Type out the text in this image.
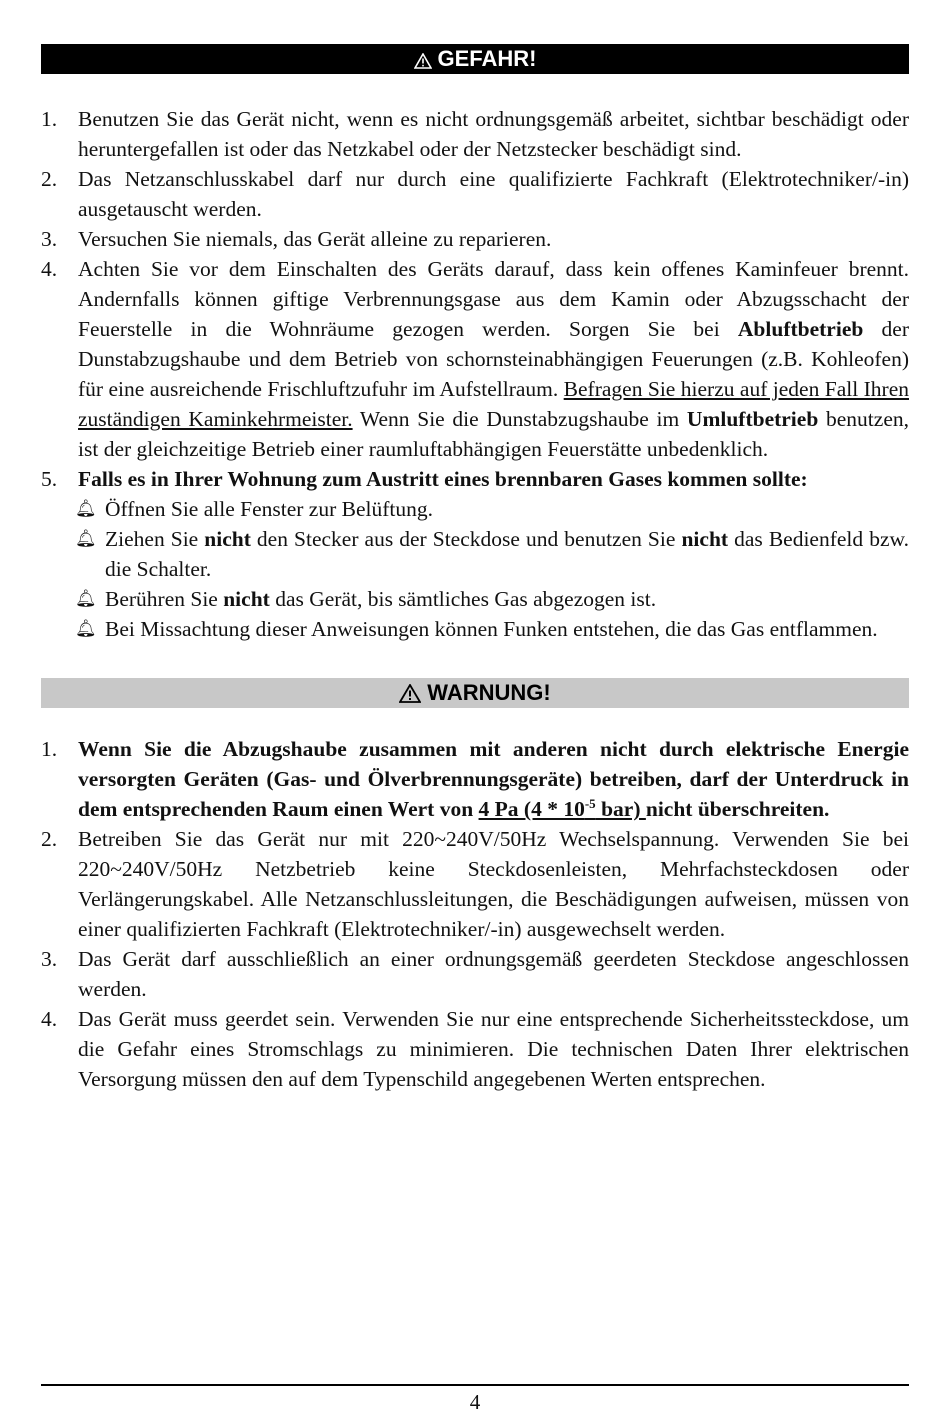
GEFAHR!
1. Benutzen Sie das Gerät nicht, wenn es nicht ordnungsgemäß arbeitet, sichtbar beschädigt oder heruntergefallen ist oder das Netzkabel oder der Netzstecker beschädigt sind.
2. Das Netzanschlusskabel darf nur durch eine qualifizierte Fachkraft (Elektrotechniker/-in) ausgetauscht werden.
3. Versuchen Sie niemals, das Gerät alleine zu reparieren.
4. Achten Sie vor dem Einschalten des Geräts darauf, dass kein offenes Kaminfeuer brennt. Andernfalls können giftige Verbrennungsgase aus dem Kamin oder Abzugsschacht der Feuerstelle in die Wohnräume gezogen werden. Sorgen Sie bei Abluftbetrieb der Dunstabzugshaube und dem Betrieb von schornsteinabhängigen Feuerungen (z.B. Kohleofen) für eine ausreichende Frischluftzufuhr im Aufstellraum. Befragen Sie hierzu auf jeden Fall Ihren zuständigen Kaminkehrmeister. Wenn Sie die Dunstabzugshaube im Umluftbetrieb benutzen, ist der gleichzeitige Betrieb einer raumluftabhängigen Feuerstätte unbedenklich.
5. Falls es in Ihrer Wohnung zum Austritt eines brennbaren Gases kommen sollte:
🔔︎ Öffnen Sie alle Fenster zur Belüftung.
🔔︎ Ziehen Sie nicht den Stecker aus der Steckdose und benutzen Sie nicht das Bedienfeld bzw. die Schalter.
🔔︎ Berühren Sie nicht das Gerät, bis sämtliches Gas abgezogen ist.
🔔︎ Bei Missachtung dieser Anweisungen können Funken entstehen, die das Gas entflammen.
WARNUNG!
1. Wenn Sie die Abzugshaube zusammen mit anderen nicht durch elektrische Energie versorgten Geräten (Gas- und Ölverbrennungsgeräte) betreiben, darf der Unterdruck in dem entsprechenden Raum einen Wert von 4 Pa ($4 * 10^{-5}$ bar) nicht überschreiten.
2. Betreiben Sie das Gerät nur mit 220~240V/50Hz Wechselspannung. Verwenden Sie bei 220~240V/50Hz Netzbetrieb keine Steckdosenleisten, Mehrfachsteckdosen oder Verlängerungskabel. Alle Netzanschlussleitungen, die Beschädigungen aufweisen, müssen von einer qualifizierten Fachkraft (Elektrotechniker/-in) ausgewechselt werden.
3. Das Gerät darf ausschließlich an einer ordnungsgemäß geerdeten Steckdose angeschlossen werden.
4. Das Gerät muss geerdet sein. Verwenden Sie nur eine entsprechende Sicherheitssteckdose, um die Gefahr eines Stromschlags zu minimieren. Die technischen Daten Ihrer elektrischen Versorgung müssen den auf dem Typenschild angegebenen Werten entsprechen.
4
